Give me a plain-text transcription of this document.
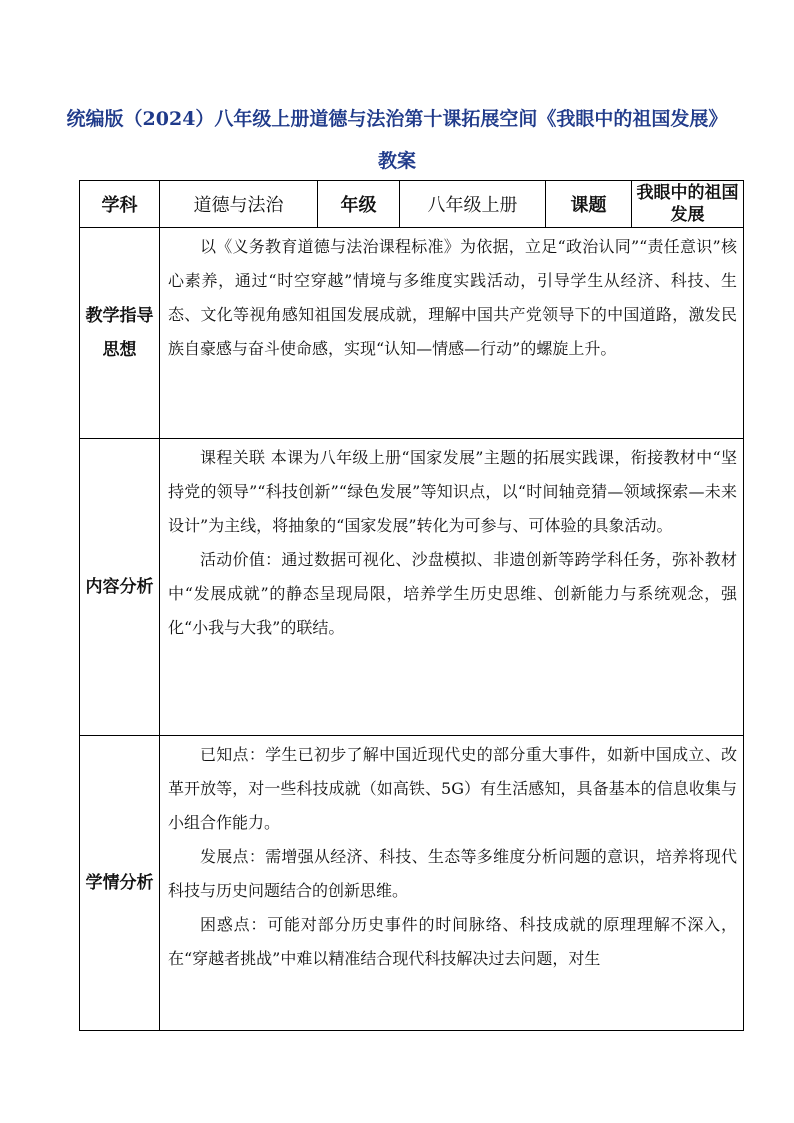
统编版（2024）八年级上册道德与法治第十课拓展空间《我眼中的祖国发展》
教案
学科	道德与法治	年级	八年级上册	课题	我眼中的祖国发展
教学指导思想	以《义务教育道德与法治课程标准》为依据，立足“政治认同”“责任意识”核心素养，通过“时空穿越”情境与多维度实践活动，引导学生从经济、科技、生态、文化等视角感知祖国发展成就，理解中国共产党领导下的中国道路，激发民族自豪感与奋斗使命感，实现“认知—情感—行动”的螺旋上升。				

内容分析	课程关联 本课为八年级上册“国家发展”主题的拓展实践课，衔接教材中“坚持党的领导”“科技创新”“绿色发展”等知识点，以“时间轴竞猜—领域探索—未来设计”为主线，将抽象的“国家发展”转化为可参与、可体验的具象活动。

活动价值：通过数据可视化、沙盘模拟、非遗创新等跨学科任务，弥补教材中“发展成就”的静态呈现局限，培养学生历史思维、创新能力与系统观念，强化“小我与大我”的联结。				

学情分析	已知点：学生已初步了解中国近现代史的部分重大事件，如新中国成立、改革开放等，对一些科技成就（如高铁、5G）有生活感知，具备基本的信息收集与小组合作能力。

发展点：需增强从经济、科技、生态等多维度分析问题的意识，培养将现代科技与历史问题结合的创新思维。

困惑点：可能对部分历史事件的时间脉络、科技成就的原理理解不深入，在“穿越者挑战”中难以精准结合现代科技解决过去问题，对生				
